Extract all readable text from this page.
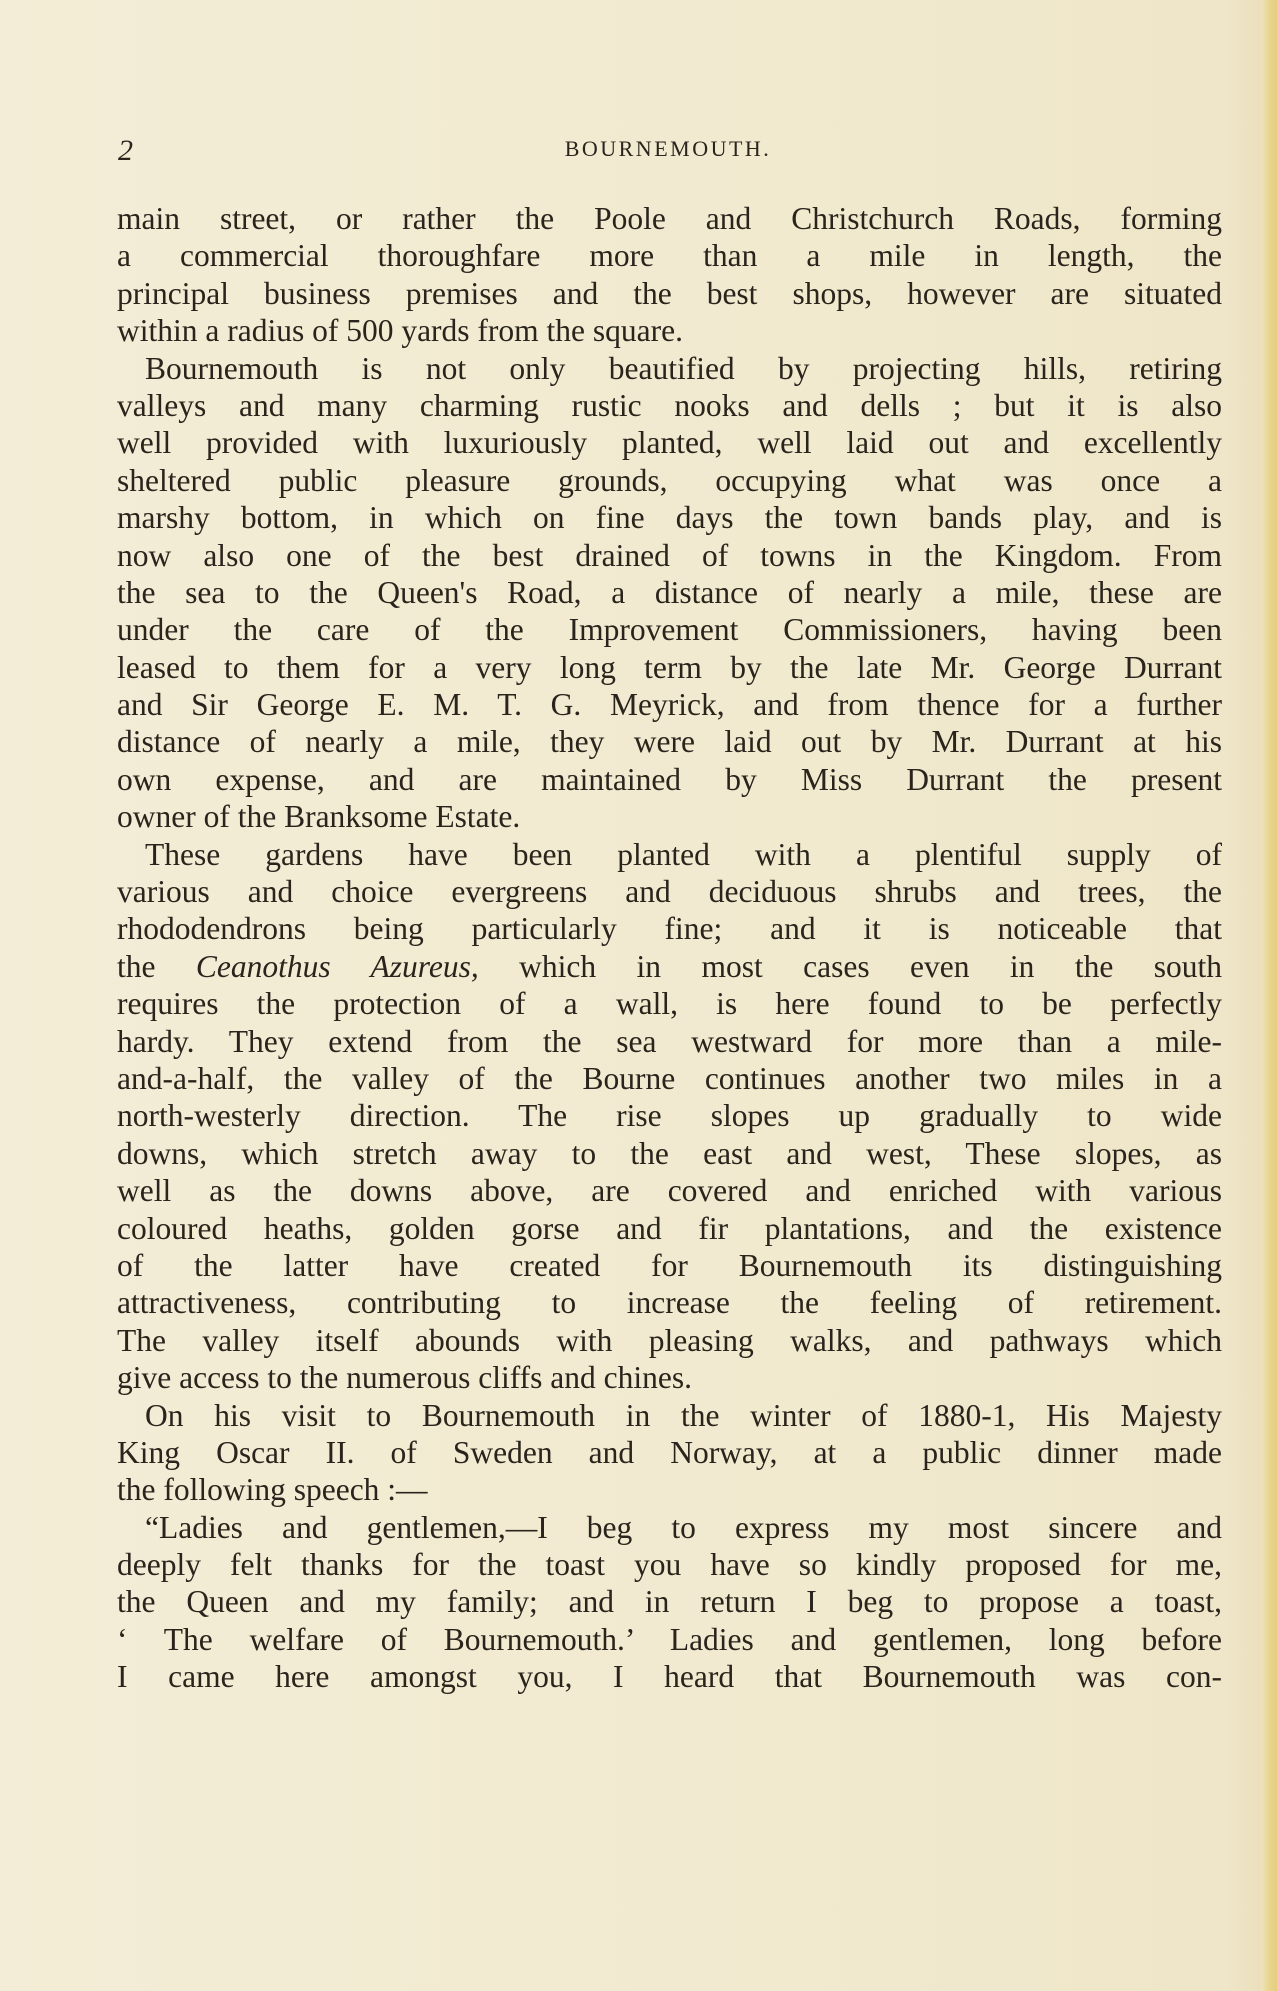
2	BOURNEMOUTH.
main street, or rather the Poole and Christchurch Roads, forming
a commercial thoroughfare more than a mile in length, the
principal business premises and the best shops, however are situated
within a radius of 500 yards from the square.
Bournemouth is not only beautified by projecting hills, retiring
valleys and many charming rustic nooks and dells ; but it is also
well provided with luxuriously planted, well laid out and excellently
sheltered public pleasure grounds, occupying what was once a
marshy bottom, in which on fine days the town bands play, and is
now also one of the best drained of towns in the Kingdom. From
the sea to the Queen's Road, a distance of nearly a mile, these are
under the care of the Improvement Commissioners, having been
leased to them for a very long term by the late Mr. George Durrant
and Sir George E. M. T. G. Meyrick, and from thence for a further
distance of nearly a mile, they were laid out by Mr. Durrant at his
own expense, and are maintained by Miss Durrant the present
owner of the Branksome Estate.
These gardens have been planted with a plentiful supply of
various and choice evergreens and deciduous shrubs and trees, the
rhododendrons being particularly fine; and it is noticeable that
the Ceanothus Azureus, which in most cases even in the south
requires the protection of a wall, is here found to be perfectly
hardy. They extend from the sea westward for more than a mile-
and-a-half, the valley of the Bourne continues another two miles in a
north-westerly direction. The rise slopes up gradually to wide
downs, which stretch away to the east and west, These slopes, as
well as the downs above, are covered and enriched with various
coloured heaths, golden gorse and fir plantations, and the existence
of the latter have created for Bournemouth its distinguishing
attractiveness, contributing to increase the feeling of retirement.
The valley itself abounds with pleasing walks, and pathways which
give access to the numerous cliffs and chines.
On his visit to Bournemouth in the winter of 1880-1, His Majesty
King Oscar II. of Sweden and Norway, at a public dinner made
the following speech :—
“Ladies and gentlemen,—I beg to express my most sincere and
deeply felt thanks for the toast you have so kindly proposed for me,
the Queen and my family; and in return I beg to propose a toast,
‘ The welfare of Bournemouth.’ Ladies and gentlemen, long before
I came here amongst you, I heard that Bournemouth was con-
